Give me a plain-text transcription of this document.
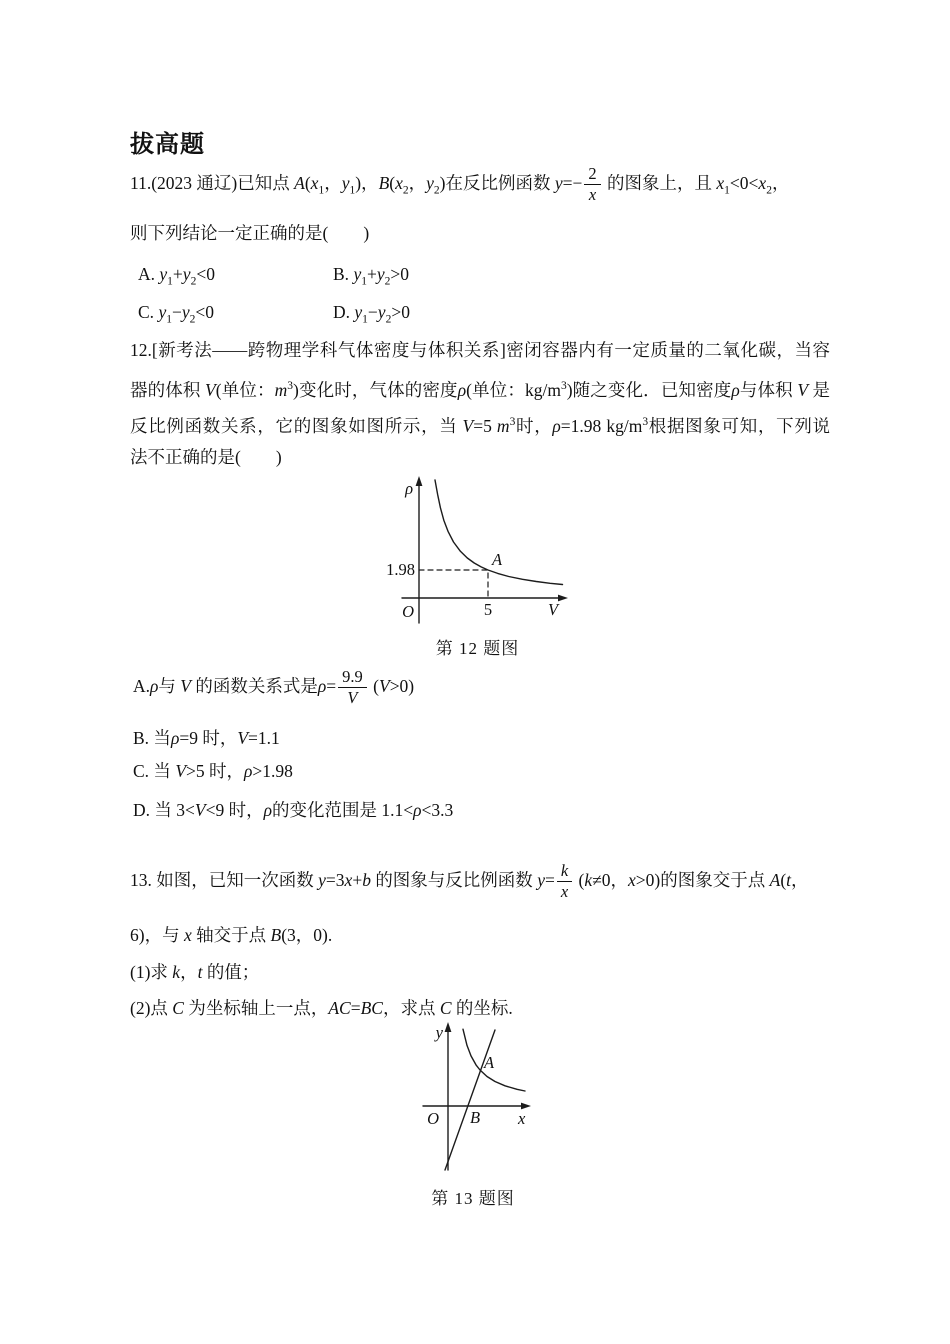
拔高题
11.(2023 通辽)已知点 $A(x_1$，$y_1$)，$B(x_2$，$y_2$)在反比例函数 $y=- \frac{2}{x}$ 的图象上，且 $x_1<0<x_2$，
则下列结论一定正确的是(　　)
A. $y_1+y_2<0$	B. $y_1+y_2>0$
C. $y_1-y_2<0$	D. $y_1-y_2>0$
12.[新考法——跨物理学科气体密度与体积关系]密闭容器内有一定质量的二氧化碳，当容
器的体积 V(单位：$m^3$)变化时，气体的密度ρ(单位：$kg/m^3$)随之变化．已知密度ρ与体积 V 是
反比例函数关系，它的图象如图所示，当 V=5 $m^3$时，ρ=1.98 $kg/m^3$根据图象可知，下列说
法不正确的是(　　)
ρ
1.98
O	5	V
A
第 12 题图
A.ρ与 V 的函数关系式是$\rho= \frac{9.9}{V} (V>0)$
B. 当ρ=9 时，V=1.1
C. 当 V>5 时，ρ>1.98
D. 当 3<V<9 时，ρ的变化范围是 1.1<ρ<3.3
13. 如图，已知一次函数 y=3x+b 的图象与反比例函数 $y= \frac{k}{x} (k\ne 0$，x>0)的图象交于点 A(t，
6)，与 x 轴交于点 B(3，0).
(1)求 k，t 的值；
(2)点 C 为坐标轴上一点，AC=BC，求点 C 的坐标.
y
x
O B
A
第 13 题图
